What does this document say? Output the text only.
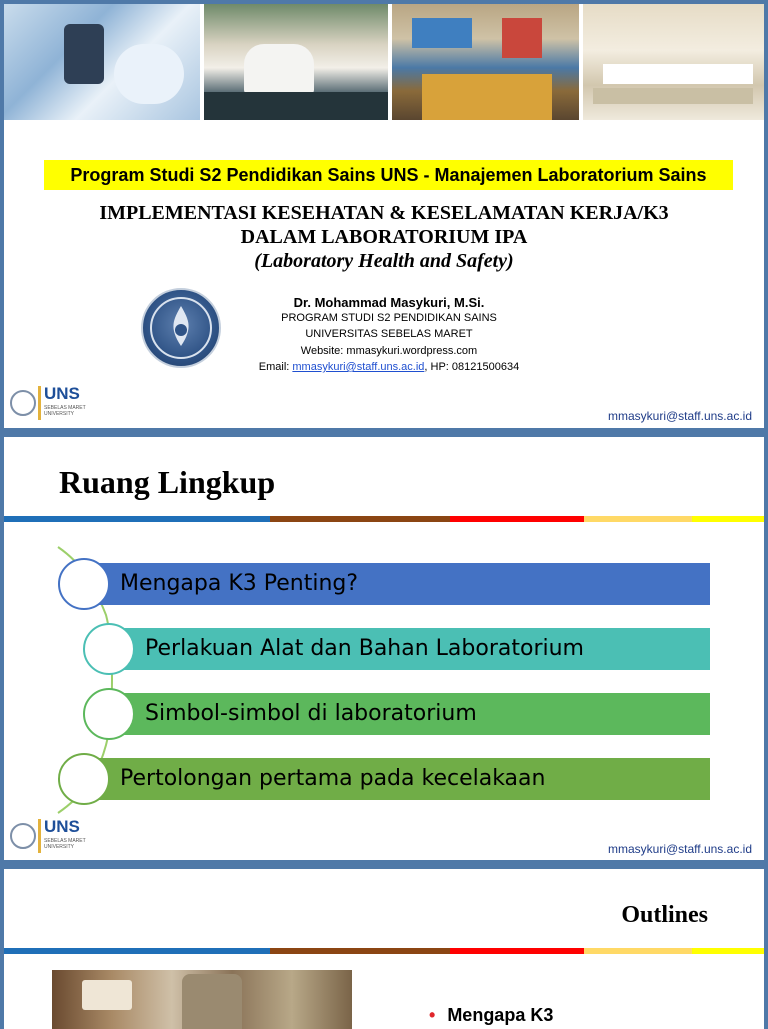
Program Studi S2 Pendidikan Sains UNS - Manajemen Laboratorium Sains
IMPLEMENTASI KESEHATAN & KESELAMATAN KERJA/K3
DALAM LABORATORIUM IPA
(Laboratory Health and Safety)
Dr. Mohammad Masykuri, M.Si.
PROGRAM STUDI S2 PENDIDIKAN SAINS
UNIVERSITAS SEBELAS MARET
Website: mmasykuri.wordpress.com
Email: mmasykuri@staff.uns.ac.id, HP: 08121500634
UNS
SEBELAS MARET UNIVERSITY	mmasykuri@staff.uns.ac.id
Ruang Lingkup
Mengapa K3 Penting?
Perlakuan Alat dan Bahan Laboratorium
Simbol-simbol di laboratorium
Pertolongan pertama pada kecelakaan
UNS
SEBELAS MARET UNIVERSITY	mmasykuri@staff.uns.ac.id
Outlines
• Mengapa K3
